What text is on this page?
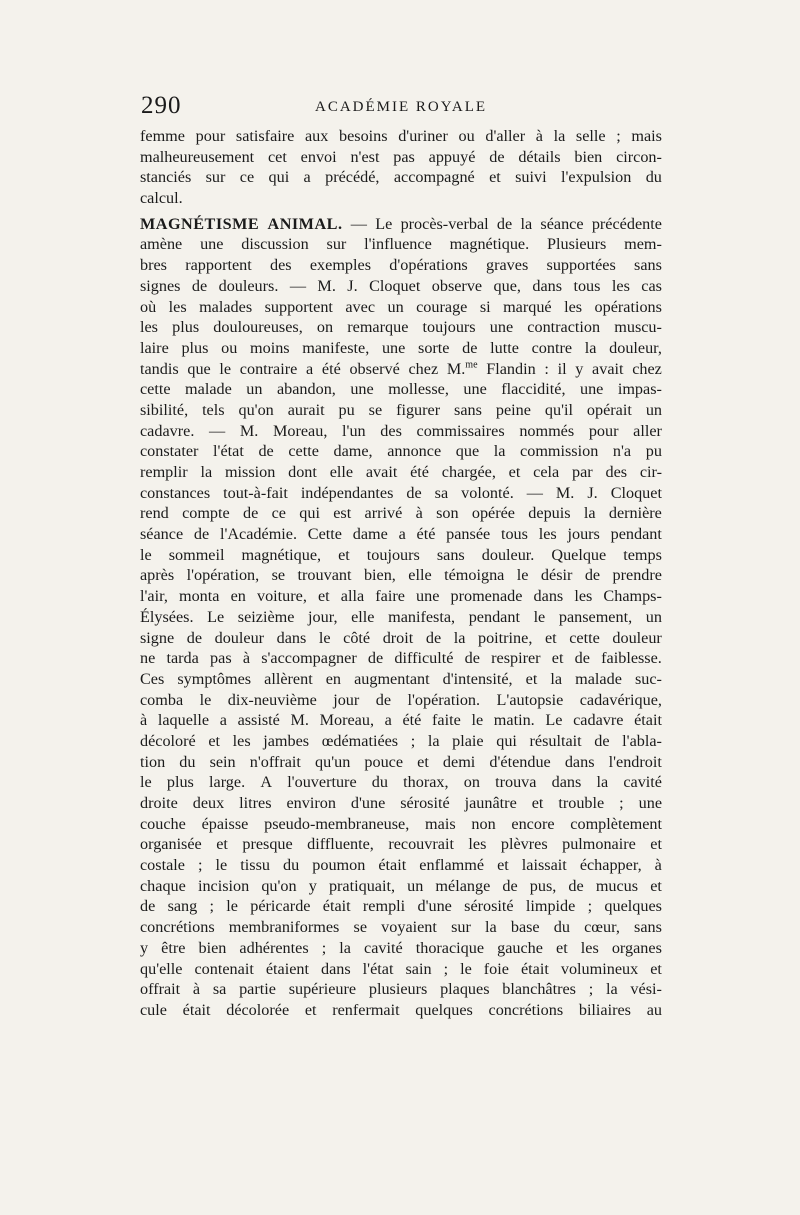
290	ACADÉMIE ROYALE
femme pour satisfaire aux besoins d'uriner ou d'aller à la selle ; mais
malheureusement cet envoi n'est pas appuyé de détails bien circon-
stanciés sur ce qui a précédé, accompagné et suivi l'expulsion du
calcul.
MAGNÉTISME ANIMAL. — Le procès-verbal de la séance précédente
amène une discussion sur l'influence magnétique. Plusieurs mem-
bres rapportent des exemples d'opérations graves supportées sans
signes de douleurs. — M. J. Cloquet observe que, dans tous les cas
où les malades supportent avec un courage si marqué les opérations
les plus douloureuses, on remarque toujours une contraction muscu-
laire plus ou moins manifeste, une sorte de lutte contre la douleur,
tandis que le contraire a été observé chez M.$^{me}$ Flandin : il y avait chez
cette malade un abandon, une mollesse, une flaccidité, une impas-
sibilité, tels qu'on aurait pu se figurer sans peine qu'il opérait un
cadavre. — M. Moreau, l'un des commissaires nommés pour aller
constater l'état de cette dame, annonce que la commission n'a pu
remplir la mission dont elle avait été chargée, et cela par des cir-
constances tout-à-fait indépendantes de sa volonté. — M. J. Cloquet
rend compte de ce qui est arrivé à son opérée depuis la dernière
séance de l'Académie. Cette dame a été pansée tous les jours pendant
le sommeil magnétique, et toujours sans douleur. Quelque temps
après l'opération, se trouvant bien, elle témoigna le désir de prendre
l'air, monta en voiture, et alla faire une promenade dans les Champs-
Élysées. Le seizième jour, elle manifesta, pendant le pansement, un
signe de douleur dans le côté droit de la poitrine, et cette douleur
ne tarda pas à s'accompagner de difficulté de respirer et de faiblesse.
Ces symptômes allèrent en augmentant d'intensité, et la malade suc-
comba le dix-neuvième jour de l'opération. L'autopsie cadavérique,
à laquelle a assisté M. Moreau, a été faite le matin. Le cadavre était
décoloré et les jambes œdématiées ; la plaie qui résultait de l'abla-
tion du sein n'offrait qu'un pouce et demi d'étendue dans l'endroit
le plus large. A l'ouverture du thorax, on trouva dans la cavité
droite deux litres environ d'une sérosité jaunâtre et trouble ; une
couche épaisse pseudo-membraneuse, mais non encore complètement
organisée et presque diffluente, recouvrait les plèvres pulmonaire et
costale ; le tissu du poumon était enflammé et laissait échapper, à
chaque incision qu'on y pratiquait, un mélange de pus, de mucus et
de sang ; le péricarde était rempli d'une sérosité limpide ; quelques
concrétions membraniformes se voyaient sur la base du cœur, sans
y être bien adhérentes ; la cavité thoracique gauche et les organes
qu'elle contenait étaient dans l'état sain ; le foie était volumineux et
offrait à sa partie supérieure plusieurs plaques blanchâtres ; la vési-
cule était décolorée et renfermait quelques concrétions biliaires au
